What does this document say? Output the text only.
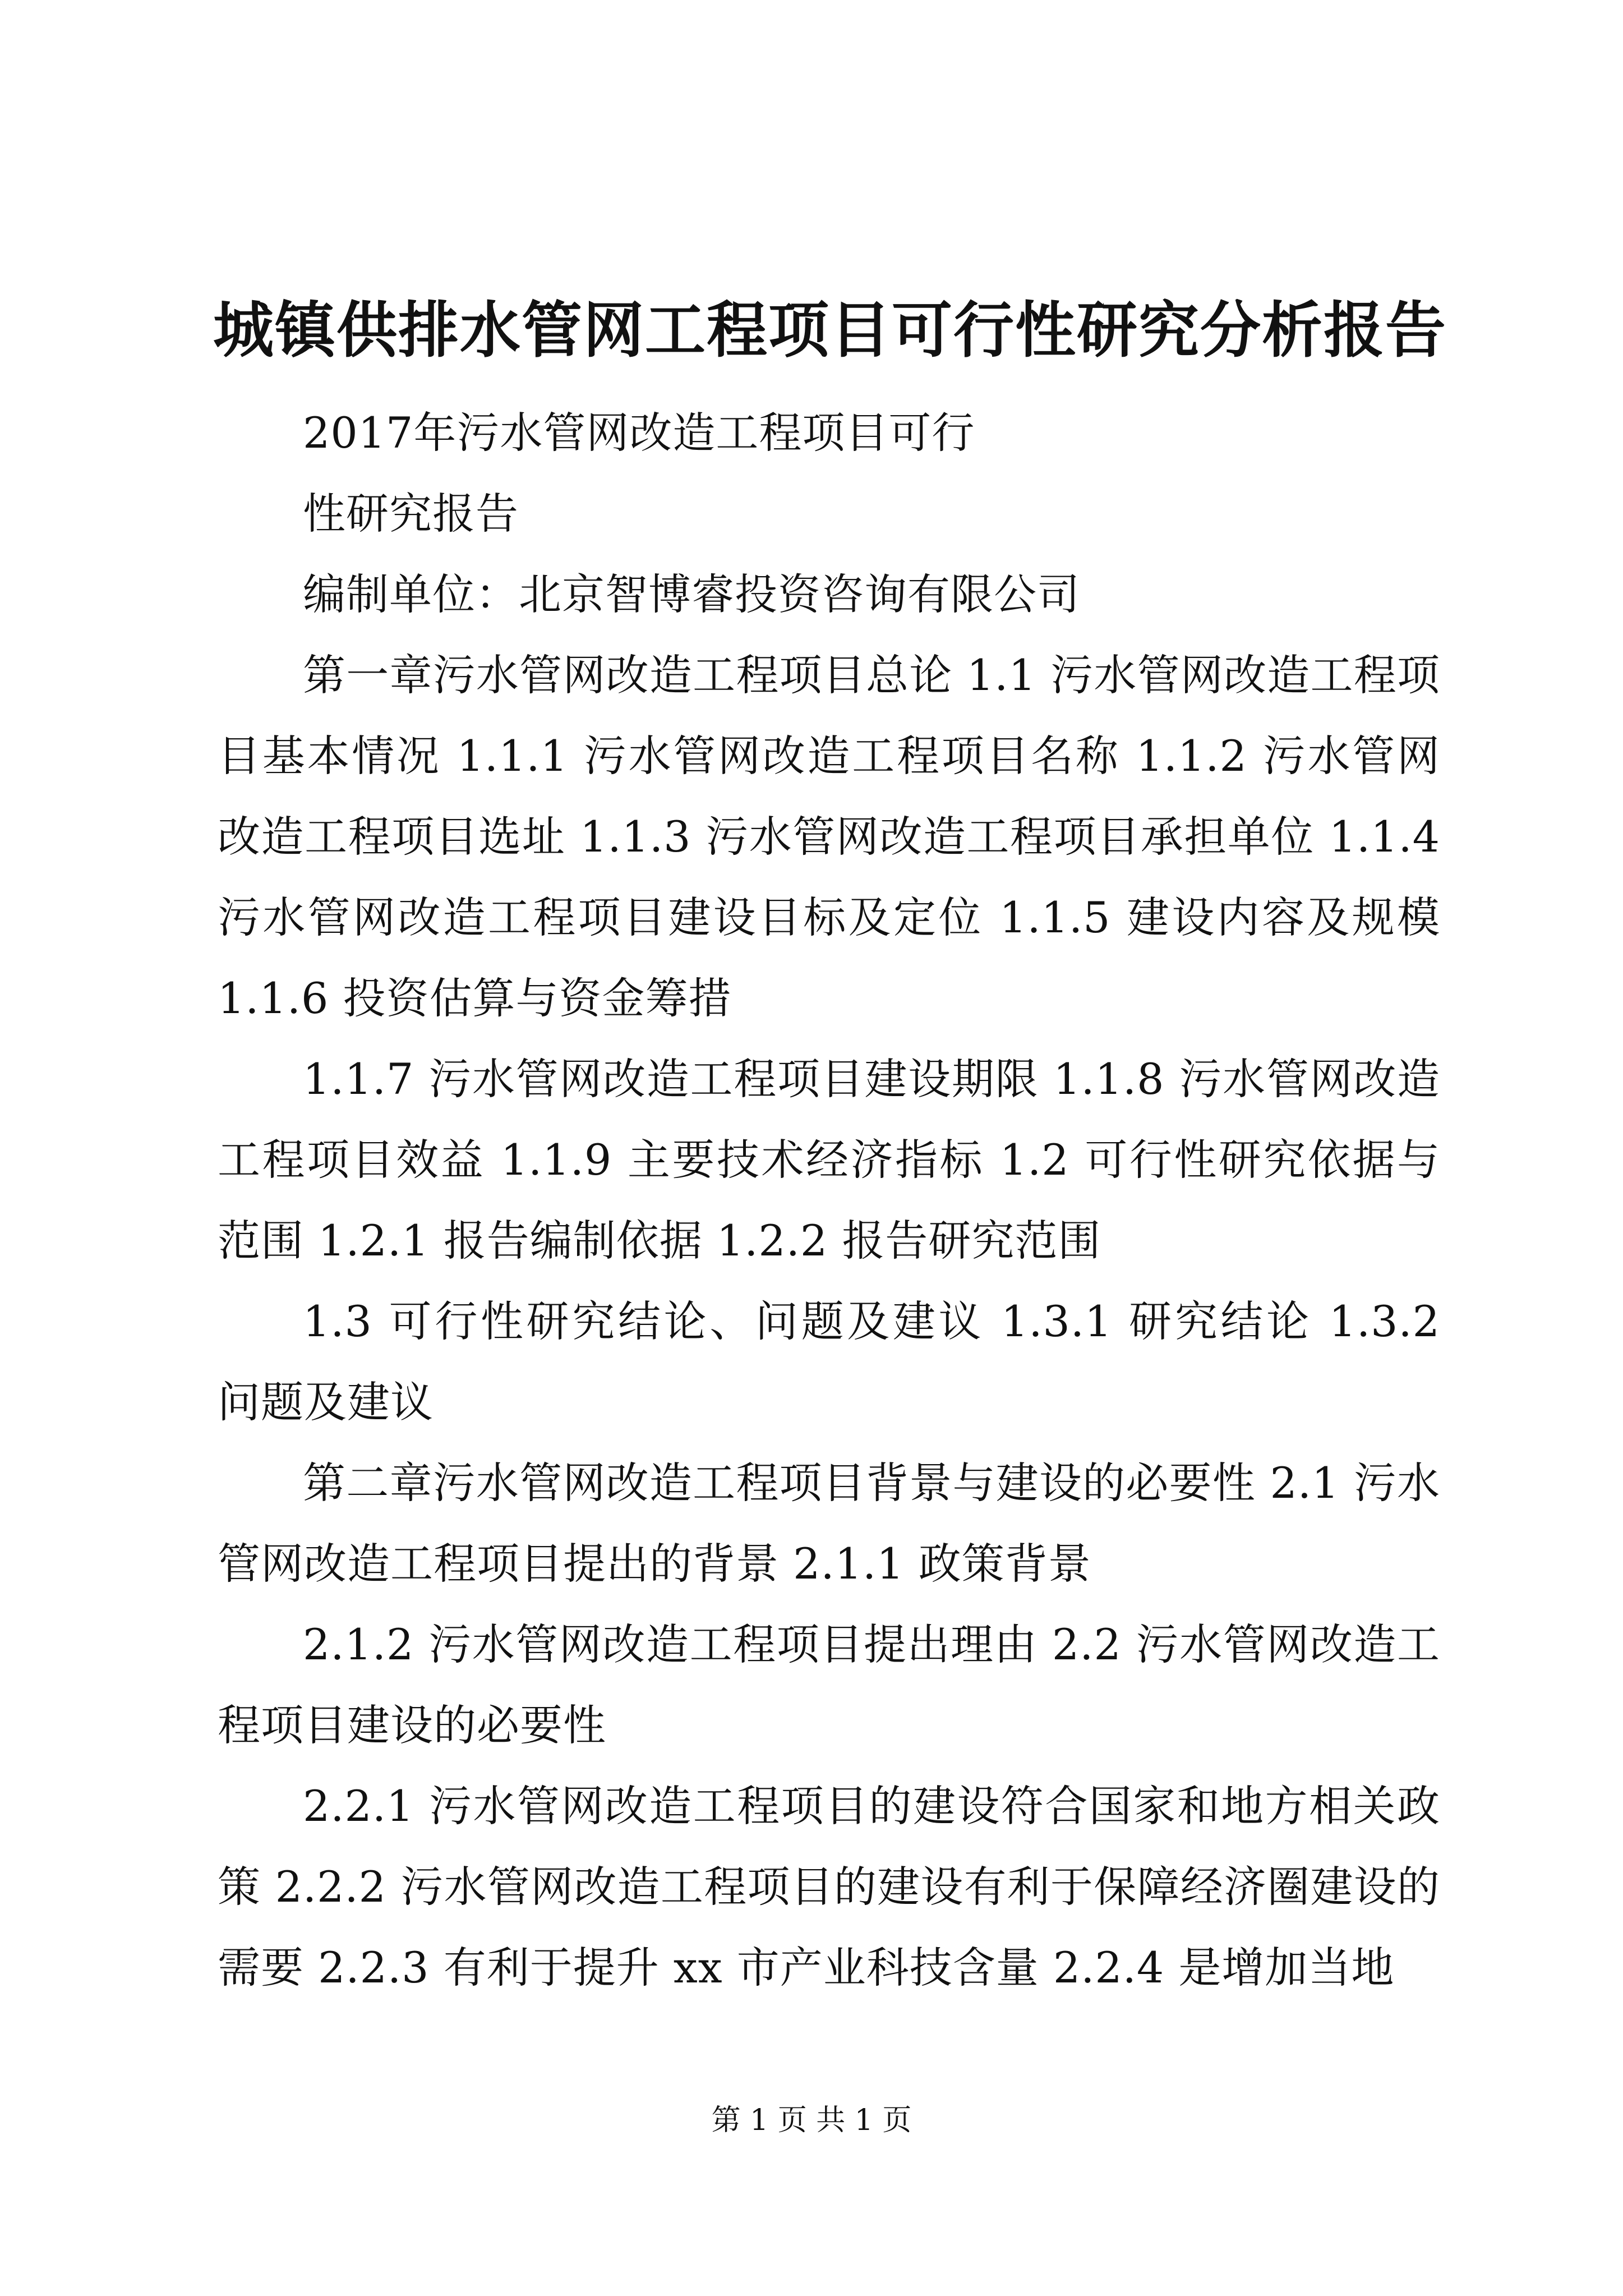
城镇供排水管网工程项目可行性研究分析报告

2017年污水管网改造工程项目可行

性研究报告

编制单位：北京智博睿投资咨询有限公司

第一章污水管网改造工程项目总论 1.1 污水管网改造工程项目基本情况 1.1.1 污水管网改造工程项目名称 1.1.2 污水管网改造工程项目选址 1.1.3 污水管网改造工程项目承担单位 1.1.4 污水管网改造工程项目建设目标及定位 1.1.5 建设内容及规模 1.1.6 投资估算与资金筹措

1.1.7 污水管网改造工程项目建设期限 1.1.8 污水管网改造工程项目效益 1.1.9 主要技术经济指标 1.2 可行性研究依据与范围 1.2.1 报告编制依据 1.2.2 报告研究范围

1.3 可行性研究结论、问题及建议 1.3.1 研究结论 1.3.2 问题及建议

第二章污水管网改造工程项目背景与建设的必要性 2.1 污水管网改造工程项目提出的背景 2.1.1 政策背景

2.1.2 污水管网改造工程项目提出理由 2.2 污水管网改造工程项目建设的必要性

2.2.1 污水管网改造工程项目的建设符合国家和地方相关政策 2.2.2 污水管网改造工程项目的建设有利于保障经济圈建设的需要 2.2.3 有利于提升 xx 市产业科技含量 2.2.4 是增加当地

第 1 页 共 1 页
